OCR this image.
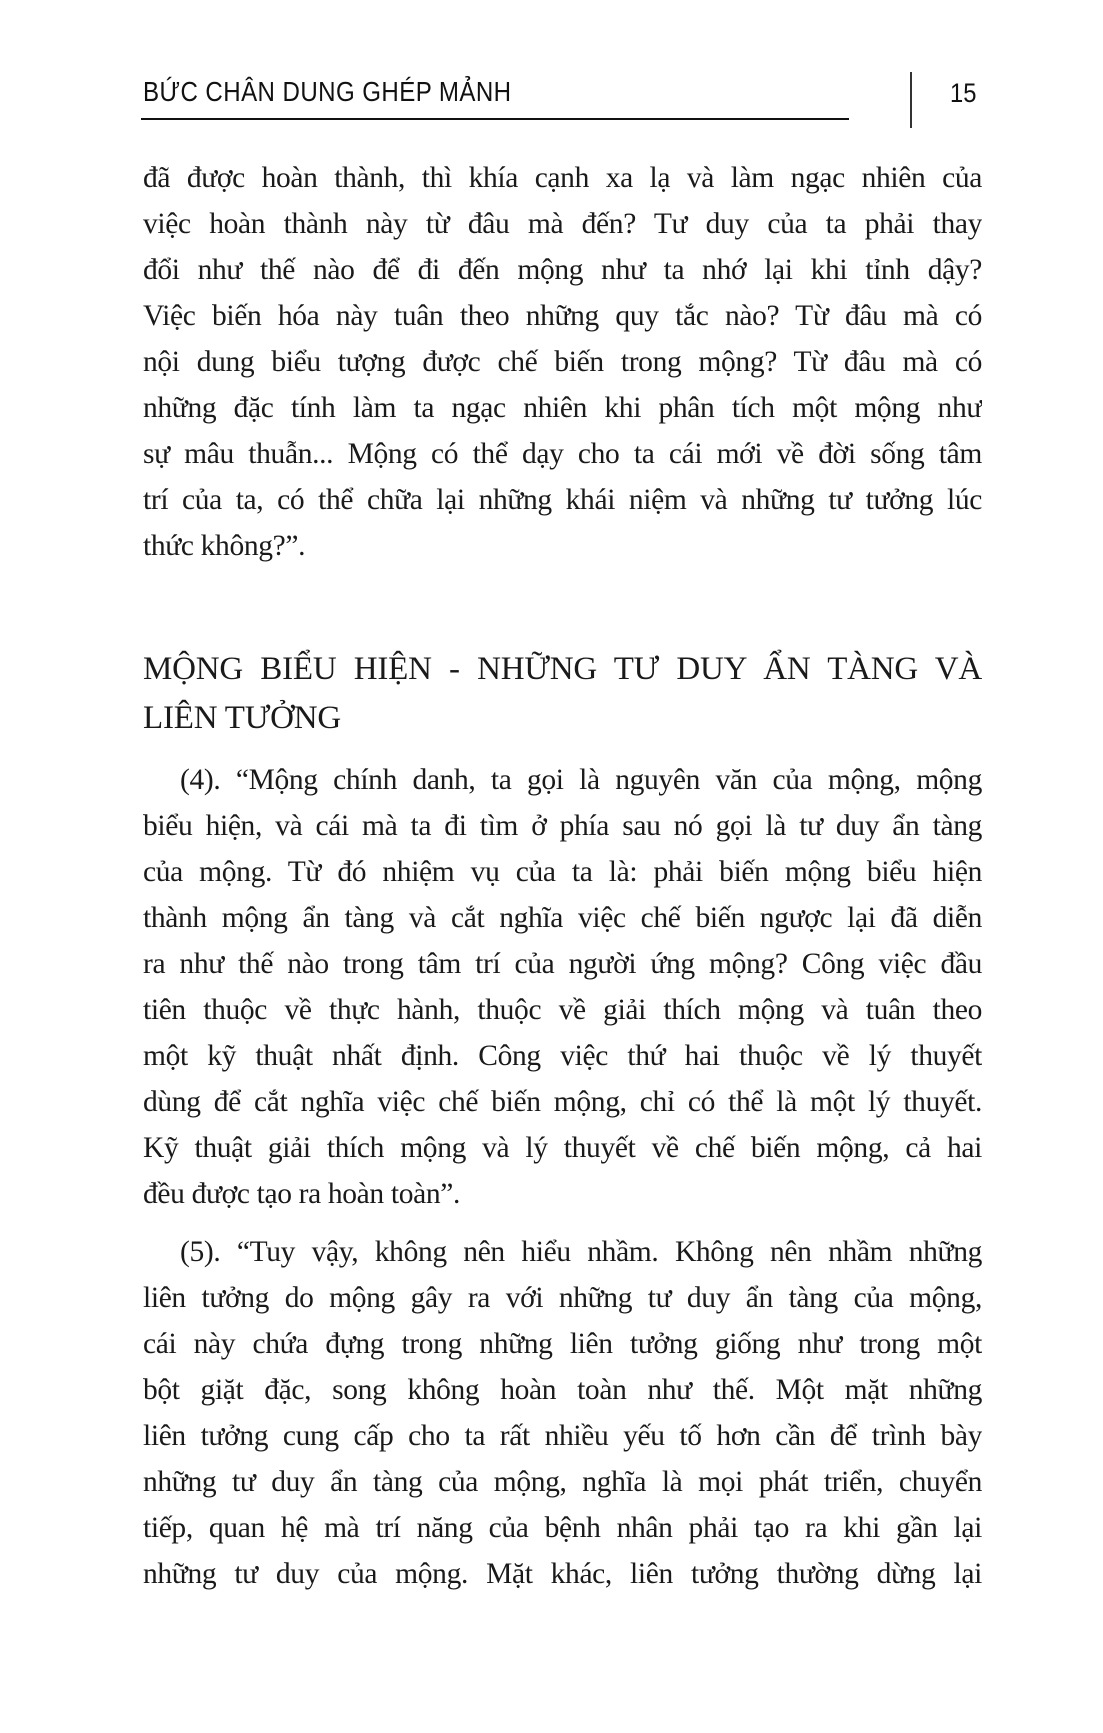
BỨC CHÂN DUNG GHÉP MẢNH	15
đã được hoàn thành, thì khía cạnh xa lạ và làm ngạc nhiên của
việc hoàn thành này từ đâu mà đến? Tư duy của ta phải thay
đổi như thế nào để đi đến mộng như ta nhớ lại khi tỉnh dậy?
Việc biến hóa này tuân theo những quy tắc nào? Từ đâu mà có
nội dung biểu tượng được chế biến trong mộng? Từ đâu mà có
những đặc tính làm ta ngạc nhiên khi phân tích một mộng như
sự mâu thuẫn... Mộng có thể dạy cho ta cái mới về đời sống tâm
trí của ta, có thể chữa lại những khái niệm và những tư tưởng lúc
thức không?”.
MỘNG BIỂU HIỆN - NHỮNG TƯ DUY ẨN TÀNG VÀ
LIÊN TƯỞNG
(4). “Mộng chính danh, ta gọi là nguyên văn của mộng, mộng
biểu hiện, và cái mà ta đi tìm ở phía sau nó gọi là tư duy ẩn tàng
của mộng. Từ đó nhiệm vụ của ta là: phải biến mộng biểu hiện
thành mộng ẩn tàng và cắt nghĩa việc chế biến ngược lại đã diễn
ra như thế nào trong tâm trí của người ứng mộng? Công việc đầu
tiên thuộc về thực hành, thuộc về giải thích mộng và tuân theo
một kỹ thuật nhất định. Công việc thứ hai thuộc về lý thuyết
dùng để cắt nghĩa việc chế biến mộng, chỉ có thể là một lý thuyết.
Kỹ thuật giải thích mộng và lý thuyết về chế biến mộng, cả hai
đều được tạo ra hoàn toàn”.
(5). “Tuy vậy, không nên hiểu nhầm. Không nên nhầm những
liên tưởng do mộng gây ra với những tư duy ẩn tàng của mộng,
cái này chứa đựng trong những liên tưởng giống như trong một
bột giặt đặc, song không hoàn toàn như thế. Một mặt những
liên tưởng cung cấp cho ta rất nhiều yếu tố hơn cần để trình bày
những tư duy ẩn tàng của mộng, nghĩa là mọi phát triển, chuyển
tiếp, quan hệ mà trí năng của bệnh nhân phải tạo ra khi gần lại
những tư duy của mộng. Mặt khác, liên tưởng thường dừng lại
